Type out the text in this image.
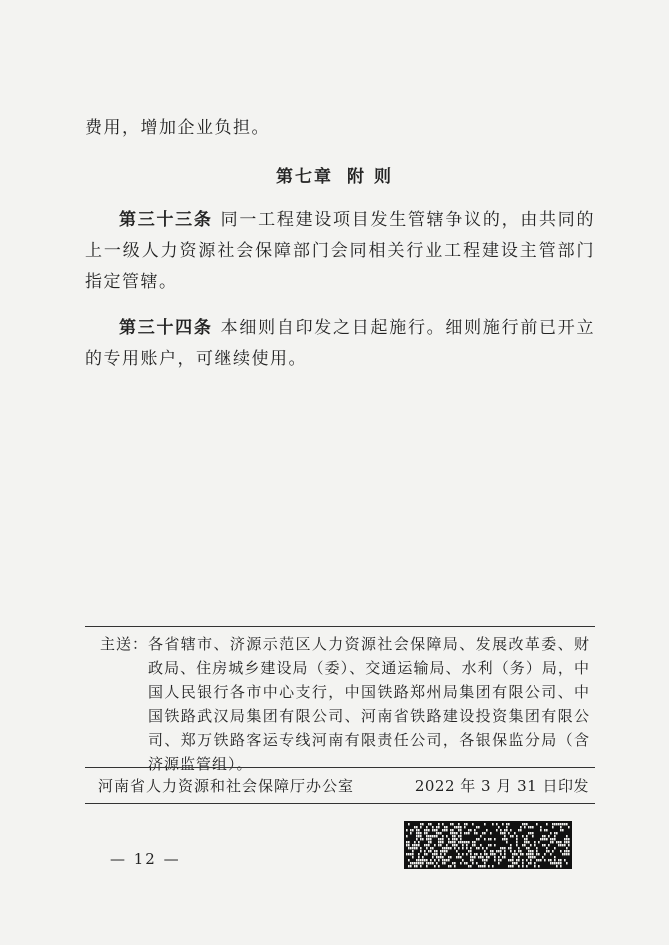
费用，增加企业负担。

第七章 附 则

第三十三条 同一工程建设项目发生管辖争议的，由共同的上一级人力资源社会保障部门会同相关行业工程建设主管部门指定管辖。

第三十四条 本细则自印发之日起施行。细则施行前已开立的专用账户，可继续使用。

主送： 各省辖市、济源示范区人力资源社会保障局、发展改革委、财政局、住房城乡建设局（委）、交通运输局、水利（务）局，中国人民银行各市中心支行，中国铁路郑州局集团有限公司、中国铁路武汉局集团有限公司、河南省铁路建设投资集团有限公司、郑万铁路客运专线河南有限责任公司，各银保监分局（含济源监管组）。
河南省人力资源和社会保障厅办公室	2022 年 3 月 31 日印发
— 12 —
